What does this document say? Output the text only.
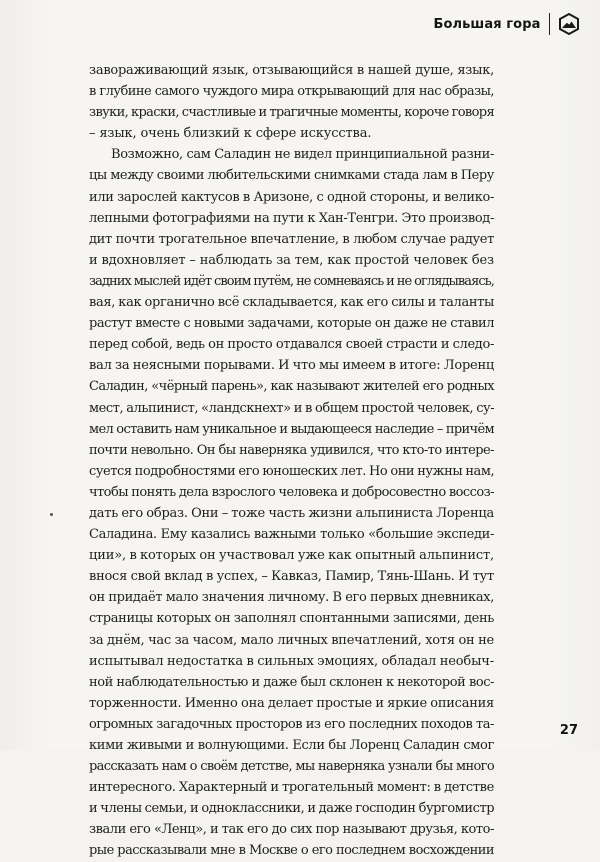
Большая гора
завораживающий язык, отзывающийся в нашей душе, язык,
в глубине самого чуждого мира открывающий для нас образы,
звуки, краски, счастливые и трагичные моменты, короче говоря
– язык, очень близкий к сфере искусства.
Возможно, сам Саладин не видел принципиальной разни-
цы между своими любительскими снимками стада лам в Перу
или зарослей кактусов в Аризоне, с одной стороны, и велико-
лепными фотографиями на пути к Хан-Тенгри. Это производ-
дит почти трогательное впечатление, в любом случае радует
и вдохновляет – наблюдать за тем, как простой человек без
задних мыслей идёт своим путём, не сомневаясь и не оглядываясь,
вая, как органично всё складывается, как его силы и таланты
растут вместе с новыми задачами, которые он даже не ставил
перед собой, ведь он просто отдавался своей страсти и следо-
вал за неясными порывами. И что мы имеем в итоге: Лоренц
Саладин, «чёрный парень», как называют жителей его родных
мест, альпинист, «ландскнехт» и в общем простой человек, су-
мел оставить нам уникальное и выдающееся наследие – причём
почти невольно. Он бы наверняка удивился, что кто-то интере-
суется подробностями его юношеских лет. Но они нужны нам,
чтобы понять дела взрослого человека и добросовестно воссоз-
дать его образ. Они – тоже часть жизни альпиниста Лоренца
Саладина. Ему казались важными только «большие экспеди-
ции», в которых он участвовал уже как опытный альпинист,
внося свой вклад в успех, – Кавказ, Памир, Тянь-Шань. И тут
он придаёт мало значения личному. В его первых дневниках,
страницы которых он заполнял спонтанными записями, день
за днём, час за часом, мало личных впечатлений, хотя он не
испытывал недостатка в сильных эмоциях, обладал необыч-
ной наблюдательностью и даже был склонен к некоторой вос-
торженности. Именно она делает простые и яркие описания
огромных загадочных просторов из его последних походов та-
кими живыми и волнующими. Если бы Лоренц Саладин смог
рассказать нам о своём детстве, мы наверняка узнали бы много
интересного. Характерный и трогательный момент: в детстве
и члены семьи, и одноклассники, и даже господин бургомистр
звали его «Ленц», и так его до сих пор называют друзья, кото-
рые рассказывали мне в Москве о его последнем восхождении
27
